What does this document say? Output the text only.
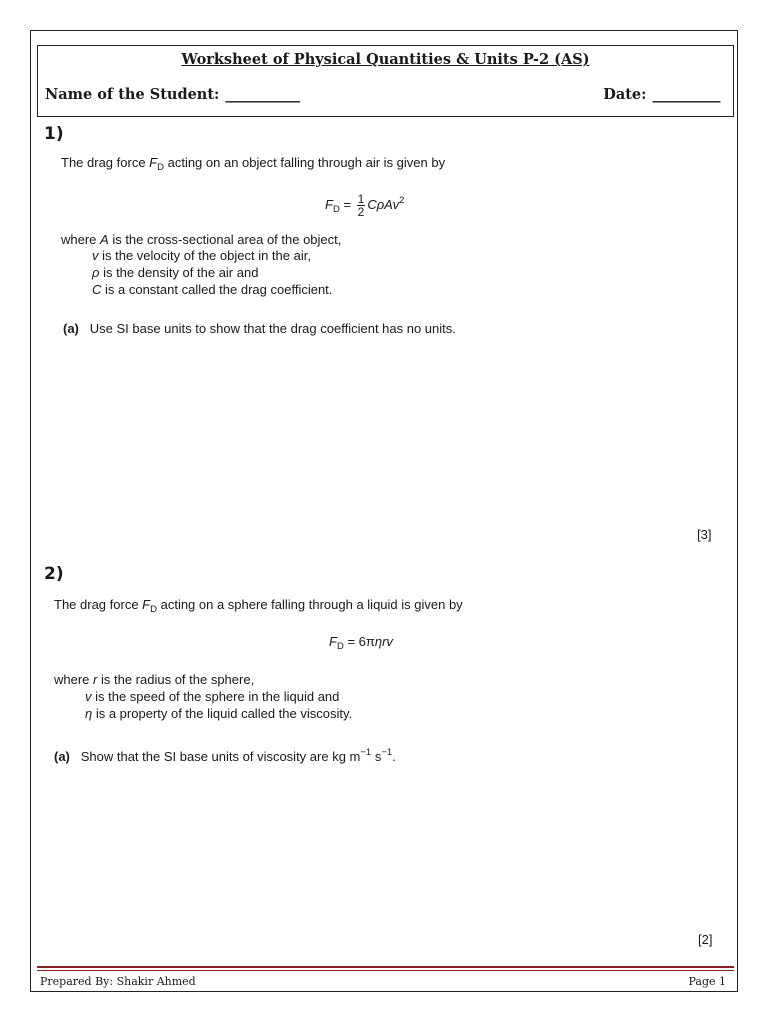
Worksheet of Physical Quantities & Units P-2 (AS)
Name of the Student: ___________	Date: __________
1)
The drag force $F_D$ acting on an object falling through air is given by
$F_D = \frac{1}{2} C\rho Av^2$
where A is the cross-sectional area of the object,
v is the velocity of the object in the air,
ρ is the density of the air and
C is a constant called the drag coefficient.
(a) Use SI base units to show that the drag coefficient has no units.
[3]
2)
The drag force $F_D$ acting on a sphere falling through a liquid is given by
$F_D = 6\pi\eta rv$
where r is the radius of the sphere,
v is the speed of the sphere in the liquid and
η is a property of the liquid called the viscosity.
(a) Show that the SI base units of viscosity are kg $m^{-1}$ $s^{-1}$.
[2]
Prepared By: Shakir Ahmed	Page 1
